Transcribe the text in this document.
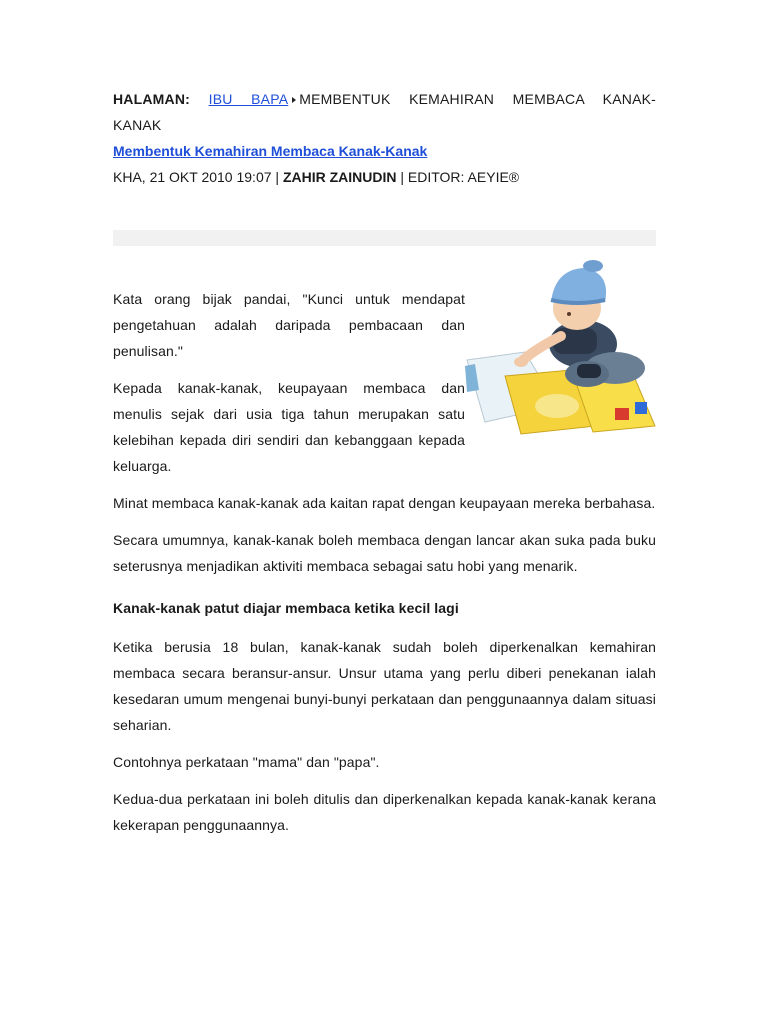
HALAMAN: IBU BAPA MEMBENTUK KEMAHIRAN MEMBACA KANAK-KANAK
Membentuk Kemahiran Membaca Kanak-Kanak
KHA, 21 OKT 2010 19:07 | ZAHIR ZAINUDIN | EDITOR: AEYIE®

Kata orang bijak pandai, "Kunci untuk mendapat pengetahuan adalah daripada pembacaan dan penulisan."

Kepada kanak-kanak, keupayaan membaca dan menulis sejak dari usia tiga tahun merupakan satu kelebihan kepada diri sendiri dan kebanggaan kepada keluarga.

Minat membaca kanak-kanak ada kaitan rapat dengan keupayaan mereka berbahasa.

Secara umumnya, kanak-kanak boleh membaca dengan lancar akan suka pada buku seterusnya menjadikan aktiviti membaca sebagai satu hobi yang menarik.

Kanak-kanak patut diajar membaca ketika kecil lagi

Ketika berusia 18 bulan, kanak-kanak sudah boleh diperkenalkan kemahiran membaca secara beransur-ansur. Unsur utama yang perlu diberi penekanan ialah kesedaran umum mengenai bunyi-bunyi perkataan dan penggunaannya dalam situasi seharian.

Contohnya perkataan "mama" dan "papa".

Kedua-dua perkataan ini boleh ditulis dan diperkenalkan kepada kanak-kanak kerana kekerapan penggunaannya.
